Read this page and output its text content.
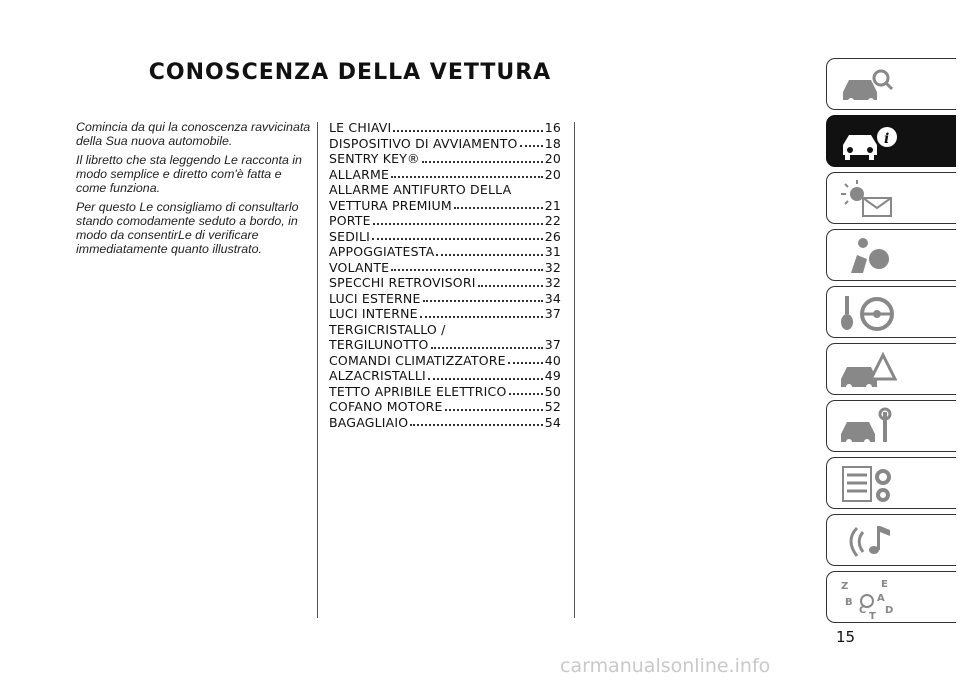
CONOSCENZA DELLA VETTURA

Comincia da qui la conoscenza ravvicinata della Sua nuova automobile.

Il libretto che sta leggendo Le racconta in modo semplice e diretto com'è fatta e come funziona.

Per questo Le consigliamo di consultarlo stando comodamente seduto a bordo, in modo da consentirLe di verificare immediatamente quanto illustrato.

LE CHIAVI	16
DISPOSITIVO DI AVVIAMENTO 18
SENTRY KEY®	20
ALLARME	20
ALLARME ANTIFURTO DELLA
VETTURA PREMIUM	21
PORTE	22
SEDILI	26
APPOGGIATESTA	31
VOLANTE	32
SPECCHI RETROVISORI	32
LUCI ESTERNE	34
LUCI INTERNE	37
TERGICRISTALLO /
TERGILUNOTTO	37
COMANDI CLIMATIZZATORE	40
ALZACRISTALLI	49
TETTO APRIBILE ELETTRICO	50
COFANO MOTORE	52
BAGAGLIAIO	54
i
Z	E
B A
C D
T
15
carmanualsonline.info
